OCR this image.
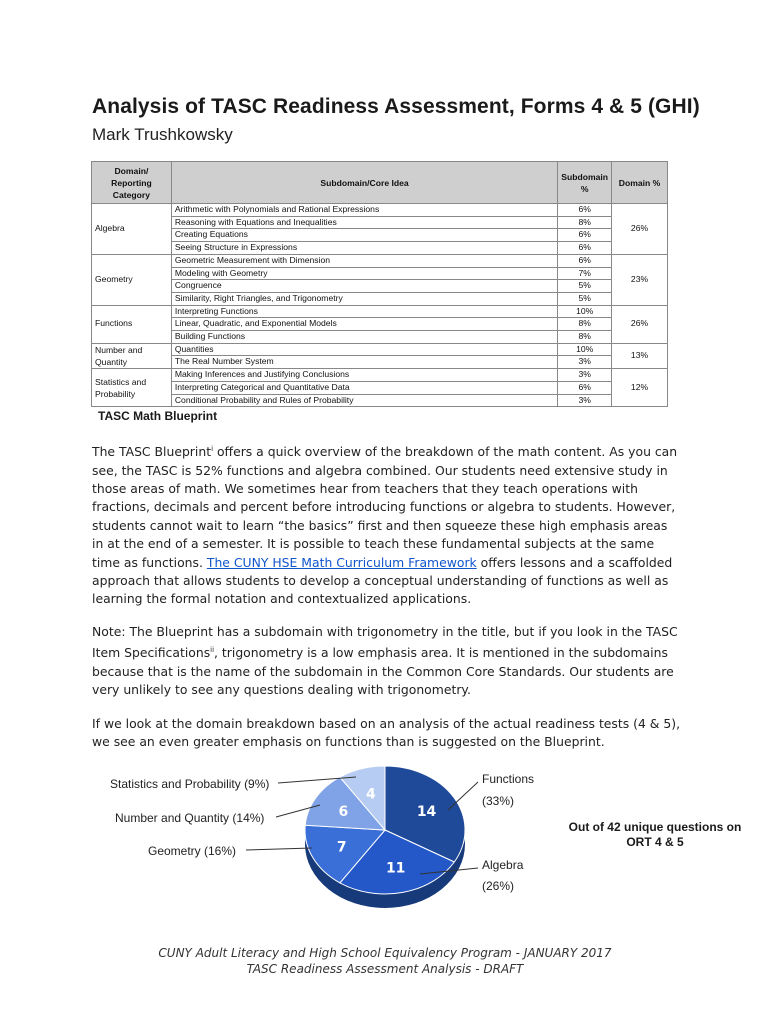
Analysis of TASC Readiness Assessment, Forms 4 & 5 (GHI)
Mark Trushkowsky
Domain/ Reporting Category	Subdomain/Core Idea	Subdomain %	Domain %
Algebra	Arithmetic with Polynomials and Rational Expressions	6%	26%
	Reasoning with Equations and Inequalities	8%	
	Creating Equations	6%	
	Seeing Structure in Expressions	6%	
Geometry	Geometric Measurement with Dimension	6%	23%
	Modeling with Geometry	7%	
	Congruence	5%	
	Similarity, Right Triangles, and Trigonometry	5%	
Functions	Interpreting Functions	10%	26%
	Linear, Quadratic, and Exponential Models	8%	
	Building Functions	8%	
Number and Quantity	Quantities	10%	13%
	The Real Number System	3%	
Statistics and Probability	Making Inferences and Justifying Conclusions	3%	12%
	Interpreting Categorical and Quantitative Data	6%	
	Conditional Probability and Rules of Probability	3%	
TASC Math Blueprint
The TASC Blueprint$^i$ offers a quick overview of the breakdown of the math content. As you can see, the TASC is 52% functions and algebra combined. Our students need extensive study in those areas of math. We sometimes hear from teachers that they teach operations with fractions, decimals and percent before introducing functions or algebra to students. However, students cannot wait to learn “the basics” first and then squeeze these high emphasis areas in at the end of a semester. It is possible to teach these fundamental subjects at the same time as functions. The CUNY HSE Math Curriculum Framework offers lessons and a scaffolded approach that allows students to develop a conceptual understanding of functions as well as learning the formal notation and contextualized applications.
Note: The Blueprint has a subdomain with trigonometry in the title, but if you look in the TASC Item Specifications$^{ii}$, trigonometry is a low emphasis area. It is mentioned in the subdomains because that is the name of the subdomain in the Common Core Standards. Our students are very unlikely to see any questions dealing with trigonometry.
If we look at the domain breakdown based on an analysis of the actual readiness tests (4 & 5), we see an even greater emphasis on functions than is suggested on the Blueprint.
14
11
7
6
4
Statistics and Probability (9%)
Number and Quantity (14%)
Geometry (16%)
Functions
(33%)
Algebra
(26%)
Out of 42 unique questions on ORT 4 & 5
CUNY Adult Literacy and High School Equivalency Program - JANUARY 2017
TASC Readiness Assessment Analysis - DRAFT
